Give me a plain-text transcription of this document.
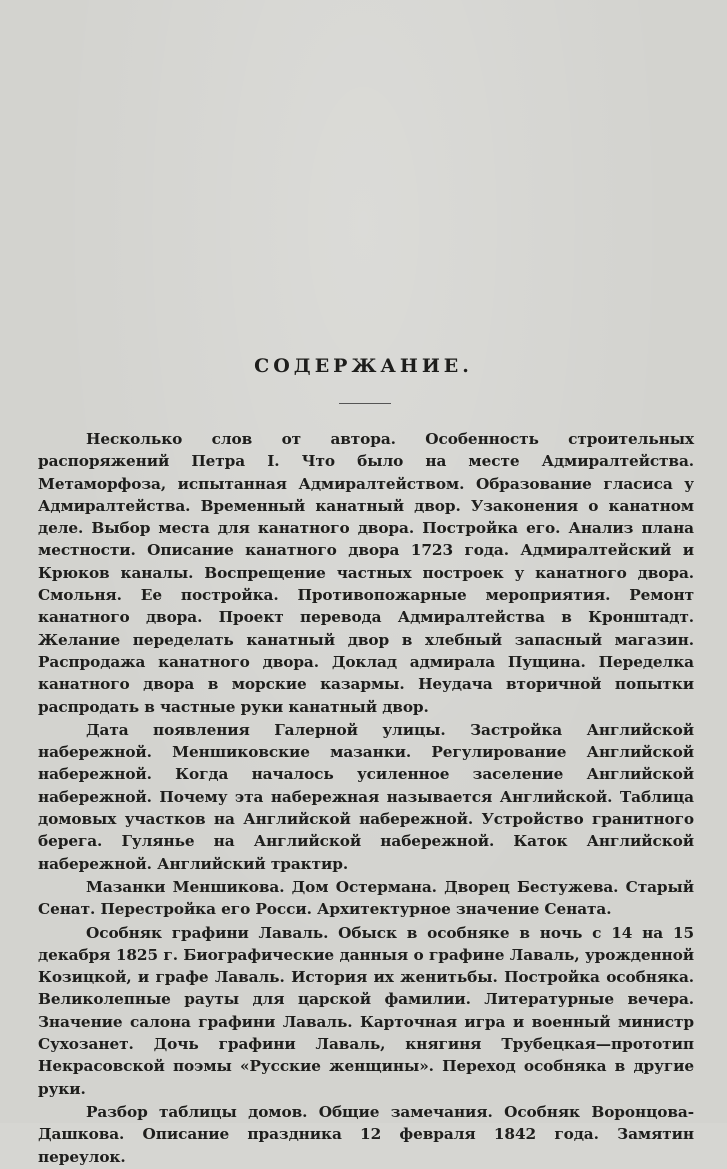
СОДЕРЖАНИЕ.

Несколько слов от автора. Особенность строительных распоряжений Петра I. Что было на месте Адмиралтейства. Метаморфоза, испытанная Адмиралтейством. Образование гласиса у Адмиралтейства. Временный канатный двор. Узаконения о канатном деле. Выбор места для канатного двора. Постройка его. Анализ плана местности. Описание канатного двора 1723 года. Адмиралтейский и Крюков каналы. Воспрещение частных построек у канатного двора. Смольня. Ее постройка. Противопожарные мероприятия. Ремонт канатного двора. Проект перевода Адмиралтейства в Кронштадт. Желание переделать канатный двор в хлебный запасный магазин. Распродажа канатного двора. Доклад адмирала Пущина. Переделка канатного двора в морские казармы. Неудача вторичной попытки распродать в частные руки канатный двор.

Дата появления Галерной улицы. Застройка Английской набережной. Меншиковские мазанки. Регулирование Английской набережной. Когда началось усиленное заселение Английской набережной. Почему эта набережная называется Английской. Таблица домовых участков на Английской набережной. Устройство гранитного берега. Гулянье на Английской набережной. Каток Английской набережной. Английский трактир.

Мазанки Меншикова. Дом Остермана. Дворец Бестужева. Старый Сенат. Перестройка его Росси. Архитектурное значение Сената.

Особняк графини Лаваль. Обыск в особняке в ночь с 14 на 15 декабря 1825 г. Биографические данныя о графине Лаваль, урожденной Козицкой, и графе Лаваль. История их женитьбы. Постройка особняка. Великолепные рауты для царской фамилии. Литературные вечера. Значение салона графини Лаваль. Карточная игра и военный министр Сухозанет. Дочь графини Лаваль, княгиня Трубецкая—прототип Некрасовской поэмы «Русские женщины». Переход особняка в другие руки.

Разбор таблицы домов. Общие замечания. Особняк Воронцова-Дашкова. Описание праздника 12 февраля 1842 года. Замятин переулок.
